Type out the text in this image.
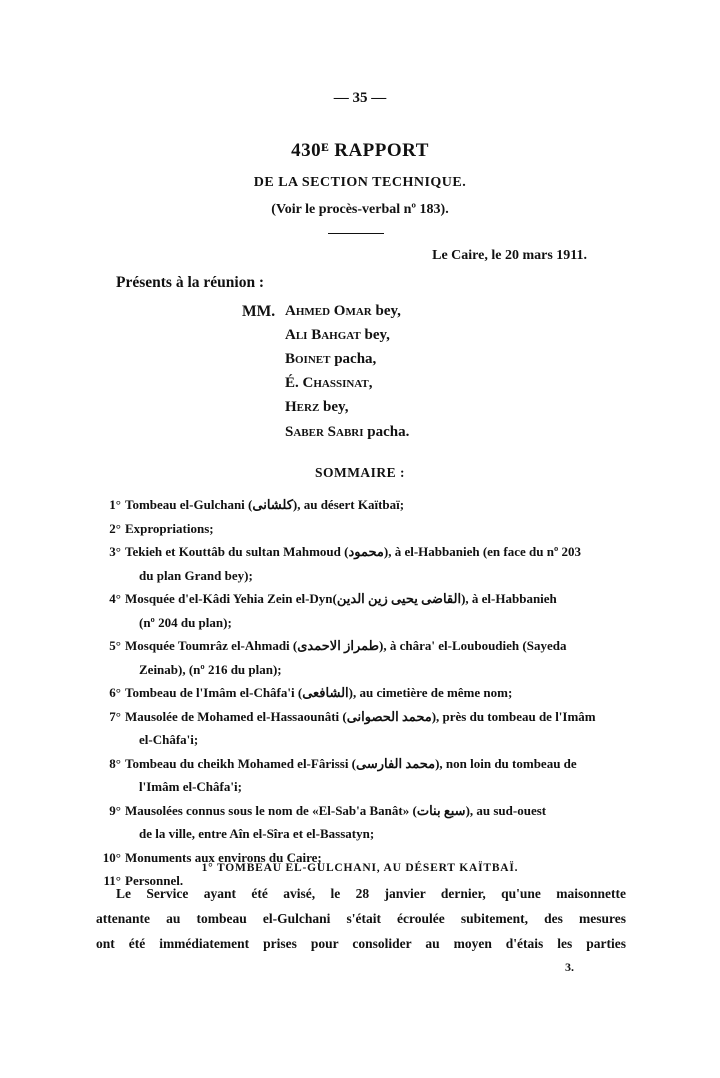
— 35 —
430ᴱ RAPPORT
DE LA SECTION TECHNIQUE.
(Voir le procès-verbal nº 183).
Le Caire, le 20 mars 1911.
Présents à la réunion :
MM. Ahmed Omar bey,
Ali Bahgat bey,
Boinet pacha,
É. Chassinat,
Herz bey,
Saber Sabri pacha.
SOMMAIRE :
1° Tombeau el-Gulchani (كلشانى), au désert Kaïtbaï;
2° Expropriations;
3° Tekieh et Kouttâb du sultan Mahmoud (محمود), à el-Habbanieh (en face du nº 203
du plan Grand bey);
4° Mosquée d'el-Kâdi Yehia Zein el-Dyn(القاضى يحيى زين الدين), à el-Habbanieh
(nº 204 du plan);
5° Mosquée Toumrâz el-Ahmadi (طمراز الاحمدى), à châra' el-Louboudieh (Sayeda
Zeinab), (nº 216 du plan);
6° Tombeau de l'Imâm el-Châfa'i (الشافعى), au cimetière de même nom;
7° Mausolée de Mohamed el-Hassaounâti (محمد الحصوانى), près du tombeau de l'Imâm
el-Châfa'i;
8° Tombeau du cheikh Mohamed el-Fârissi (محمد الفارسى), non loin du tombeau de
l'Imâm el-Châfa'i;
9° Mausolées connus sous le nom de «El-Sab'a Banât» (سبع بنات), au sud-ouest
de la ville, entre Aîn el-Sîra et el-Bassatyn;
10° Monuments aux environs du Caire;
11° Personnel.
1° TOMBEAU EL-GULCHANI, AU DÉSERT KAÏTBAÏ.
Le Service ayant été avisé, le 28 janvier dernier, qu'une maisonnette
attenante au tombeau el-Gulchani s'était écroulée subitement, des mesures
ont été immédiatement prises pour consolider au moyen d'étais les parties
3.
